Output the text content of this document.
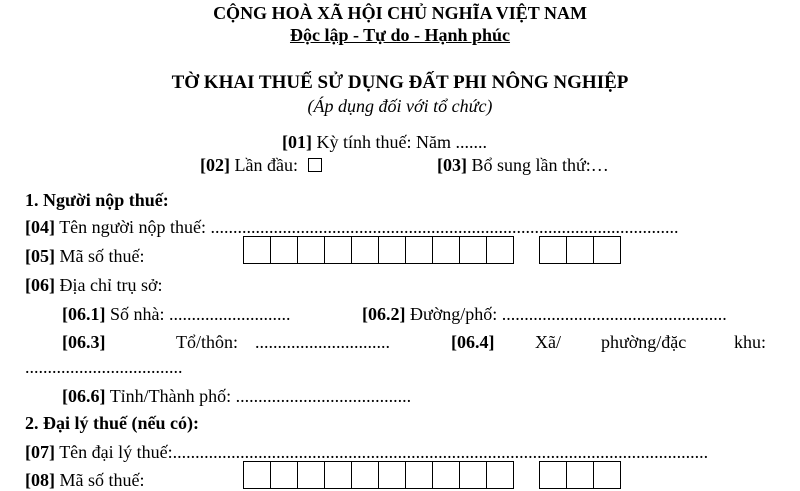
CỘNG HOÀ XÃ HỘI CHỦ NGHĨA VIỆT NAM
Độc lập - Tự do - Hạnh phúc
TỜ KHAI THUẾ SỬ DỤNG ĐẤT PHI NÔNG NGHIỆP
(Áp dụng đối với tổ chức)
[01] Kỳ tính thuế: Năm .......
[02] Lần đầu:	[03] Bổ sung lần thứ:…
1. Người nộp thuế:
[04] Tên người nộp thuế: ........................................................................................................
[05] Mã số thuế:
[06] Địa chỉ trụ sở:
[06.1] Số nhà: ...........................	[06.2] Đường/phố: ..................................................
[06.3]	Tổ/thôn: ..............................	[06.4] Xã/ phường/đặc	khu:
...................................
[06.6] Tỉnh/Thành phố: .......................................
2. Đại lý thuế (nếu có):
[07] Tên đại lý thuế:.......................................................................................................................
[08] Mã số thuế:
